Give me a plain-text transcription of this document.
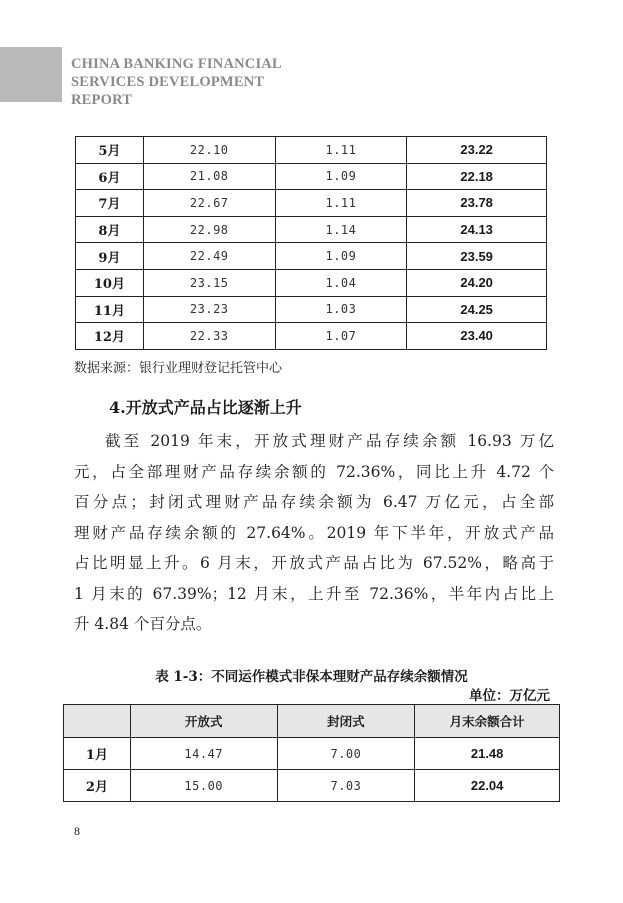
CHINA BANKING FINANCIAL
SERVICES DEVELOPMENT
REPORT
5月	22.10	1.11	23.22
6月	21.08	1.09	22.18
7月	22.67	1.11	23.78
8月	22.98	1.14	24.13
9月	22.49	1.09	23.59
10月	23.15	1.04	24.20
11月	23.23	1.03	24.25
12月	22.33	1.07	23.40
数据来源：银行业理财登记托管中心
4.开放式产品占比逐渐上升
截至 2019 年末，开放式理财产品存续余额 16.93 万亿
元，占全部理财产品存续余额的 72.36%，同比上升 4.72 个
百分点；封闭式理财产品存续余额为 6.47 万亿元，占全部
理财产品存续余额的 27.64%。2019 年下半年，开放式产品
占比明显上升。6 月末，开放式产品占比为 67.52%，略高于
1 月末的 67.39%；12 月末，上升至 72.36%，半年内占比上
升 4.84 个百分点。
表 1-3：不同运作模式非保本理财产品存续余额情况
单位：万亿元
	开放式	封闭式	月末余额合计
1月	14.47	7.00	21.48
2月	15.00	7.03	22.04
8
